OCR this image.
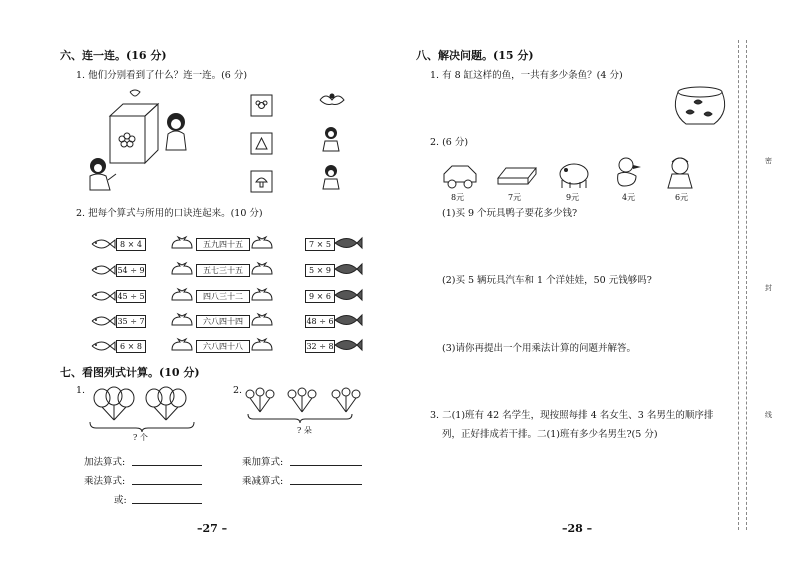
六、连一连。(16 分)
1. 他们分别看到了什么？连一连。(6 分)
2. 把每个算式与所用的口诀连起来。(10 分)
8 × 4
54 ÷ 9
45 ÷ 5
35 ÷ 7
6 × 8
五九四十五
五七三十五
四八三十二
六八四十四
六八四十八
7 × 5
5 × 9
9 × 6
48 ÷ 6
32 ÷ 8
七、看图列式计算。(10 分)
1.
? 个
2.
? 朵
加法算式:
乘法算式:
或:
乘加算式:
乘减算式:
–27 –
八、解决问题。(15 分)
1. 有 8 缸这样的鱼，一共有多少条鱼？(4 分)
2. (6 分)
8元	7元	9元	4元	6元
(1)买 9 个玩具鸭子要花多少钱?
(2)买 5 辆玩具汽车和 1 个洋娃娃，50 元钱够吗?
(3)请你再提出一个用乘法计算的问题并解答。
3. 二(1)班有 42 名学生，现按照每排 4 名女生、3 名男生的顺序排
列，正好排成若干排。二(1)班有多少名男生?(5 分)
–28 –
密
封
线
